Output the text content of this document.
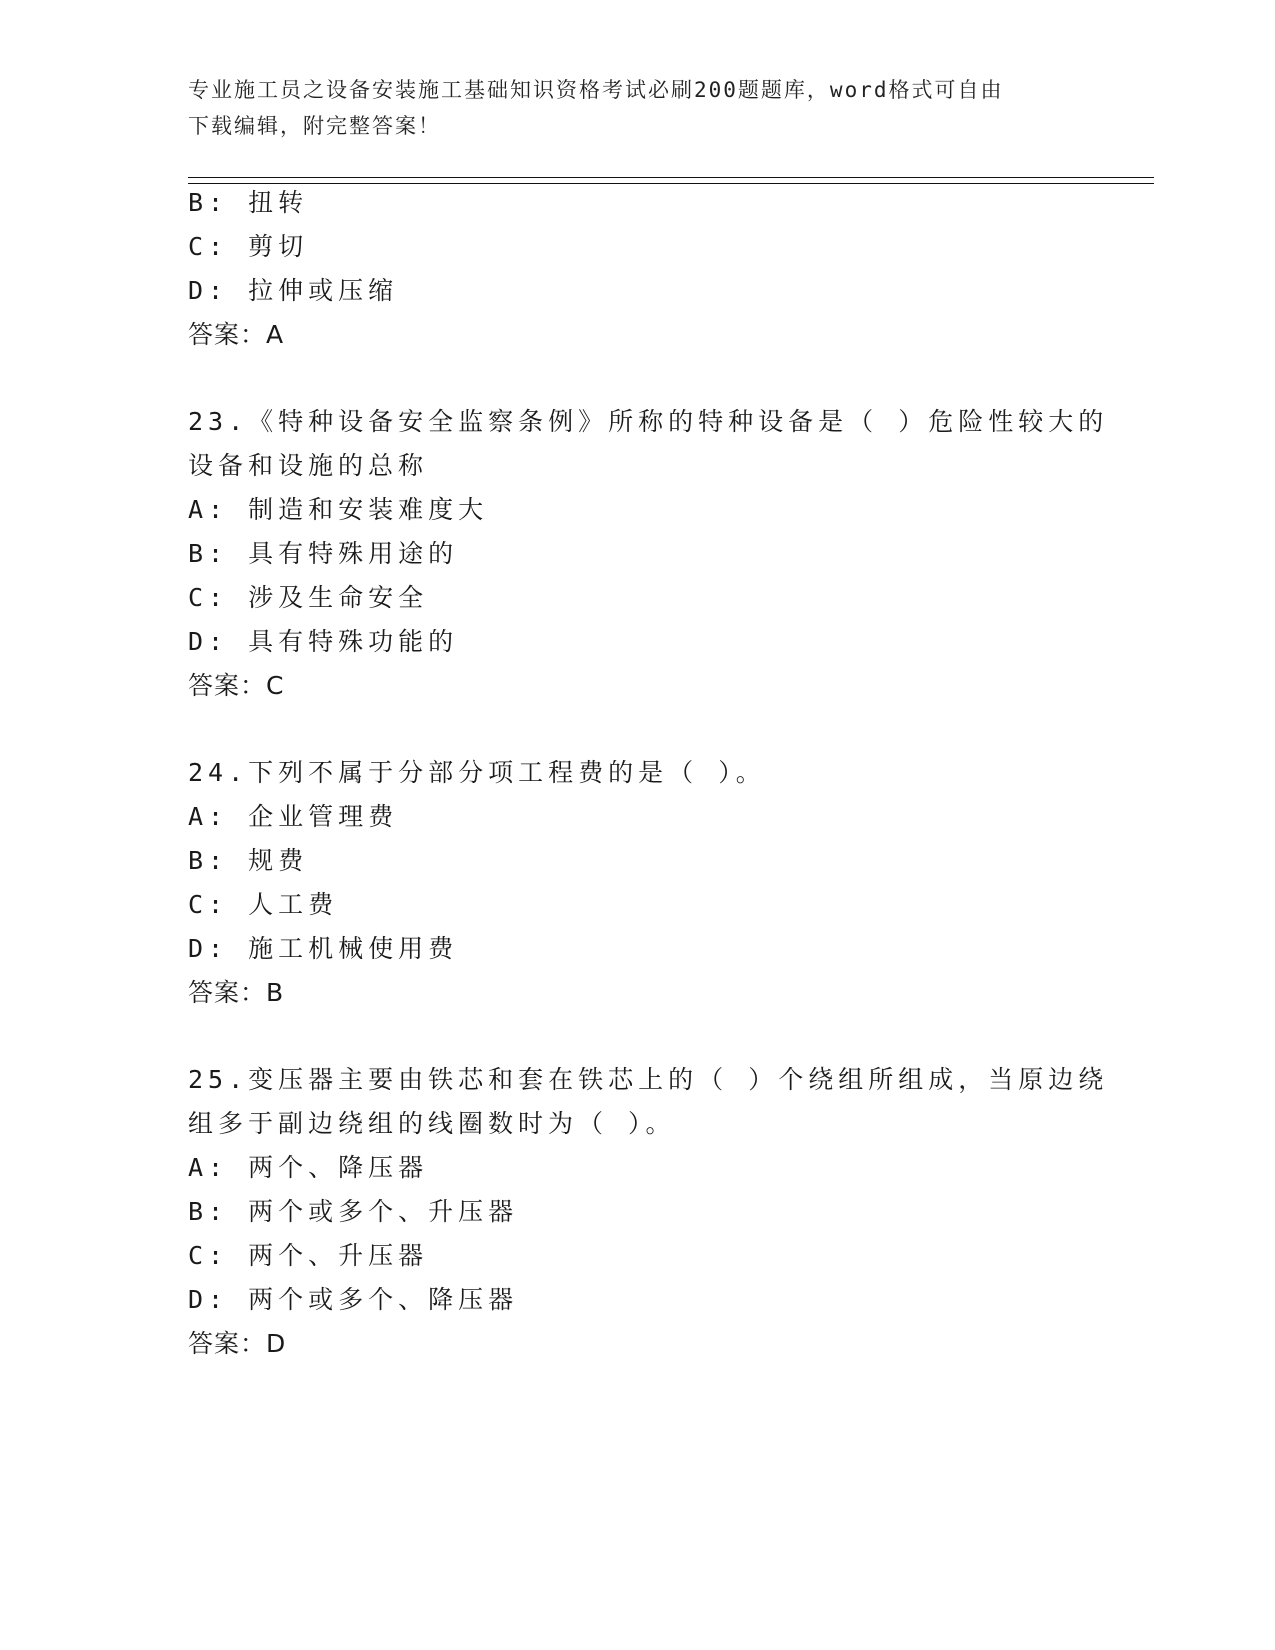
专业施工员之设备安装施工基础知识资格考试必刷200题题库，word格式可自由
下载编辑，附完整答案！
B: 扭转
C: 剪切
D: 拉伸或压缩
答案：A
23.《特种设备安全监察条例》所称的特种设备是（ ）危险性较大的
设备和设施的总称
A: 制造和安装难度大
B: 具有特殊用途的
C: 涉及生命安全
D: 具有特殊功能的
答案：C
24.下列不属于分部分项工程费的是（ ）。
A: 企业管理费
B: 规费
C: 人工费
D: 施工机械使用费
答案：B
25.变压器主要由铁芯和套在铁芯上的（ ）个绕组所组成，当原边绕
组多于副边绕组的线圈数时为（ ）。
A: 两个、降压器
B: 两个或多个、升压器
C: 两个、升压器
D: 两个或多个、降压器
答案：D
